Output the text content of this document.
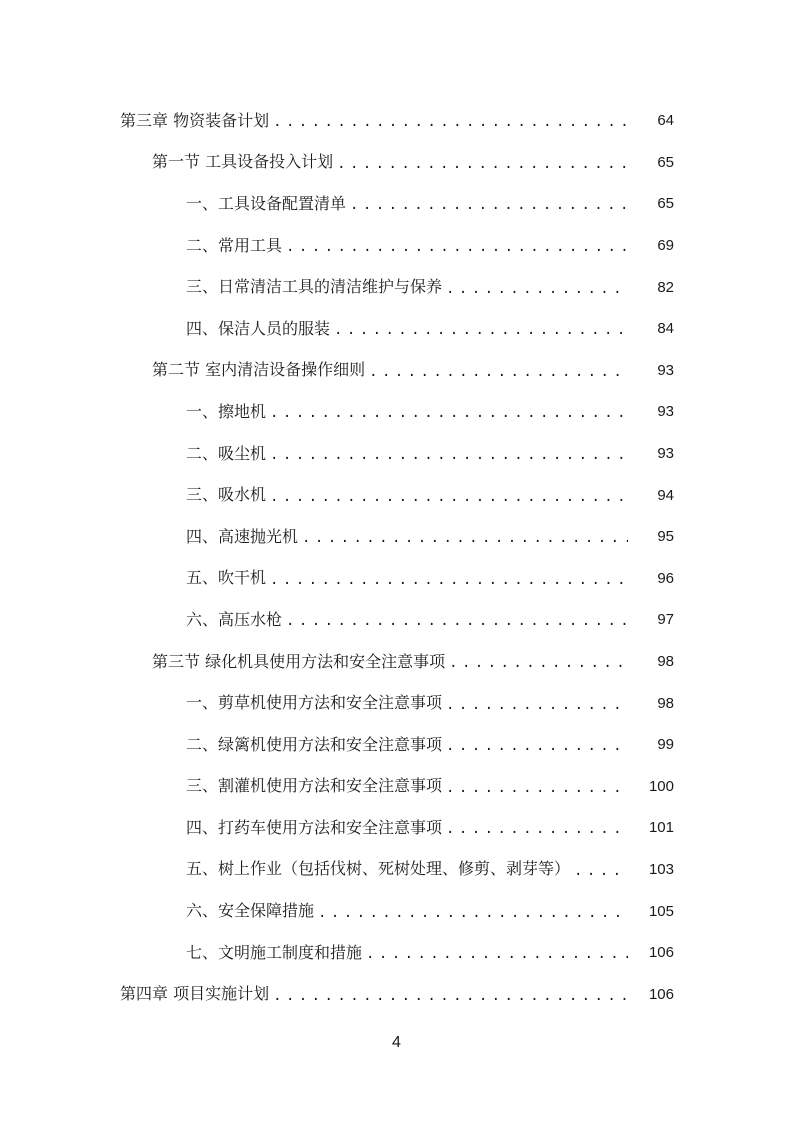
第三章 物资装备计划 . . .	64
第一节 工具设备投入计划 . . .	65
一、工具设备配置清单 . . .	65
二、常用工具 . . .	69
三、日常清洁工具的清洁维护与保养 . . .	82
四、保洁人员的服装 . . .	84
第二节 室内清洁设备操作细则 . . .	93
一、擦地机 . . .	93
二、吸尘机 . . .	93
三、吸水机 . . .	94
四、高速抛光机 . . .	95
五、吹干机 . . .	96
六、高压水枪 . . .	97
第三节 绿化机具使用方法和安全注意事项 . . .	98
一、剪草机使用方法和安全注意事项 . . .	98
二、绿篱机使用方法和安全注意事项 . . .	99
三、割灌机使用方法和安全注意事项 . . .	100
四、打药车使用方法和安全注意事项 . . .	101
五、树上作业（包括伐树、死树处理、修剪、剥芽等） . . .	103
六、安全保障措施 . . .	105
七、文明施工制度和措施 . . .	106
第四章 项目实施计划 . . .	106
4
